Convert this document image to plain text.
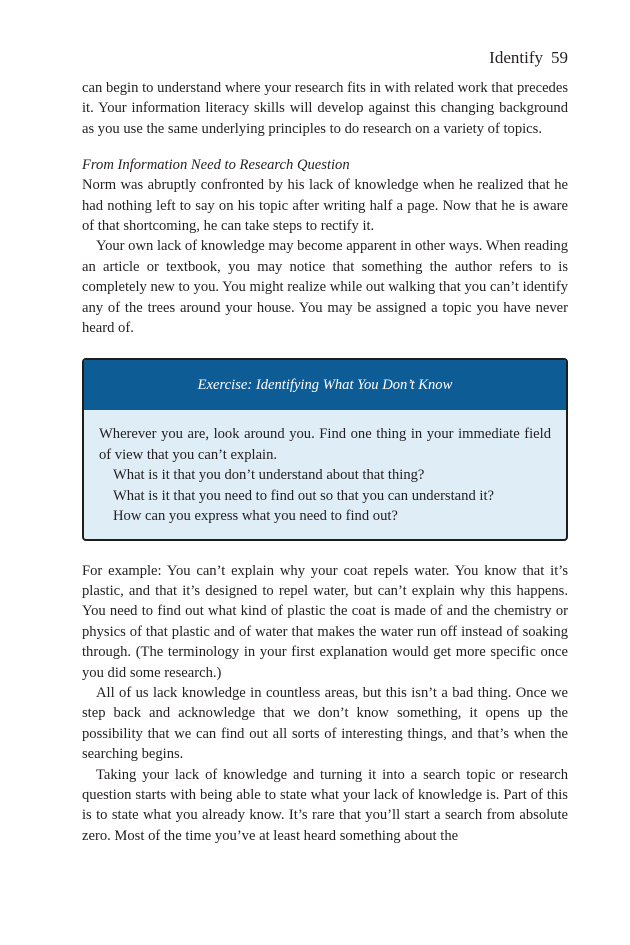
Identify 59

can begin to understand where your research fits in with related work that precedes it. Your information literacy skills will develop against this changing background as you use the same underlying principles to do research on a variety of topics.

From Information Need to Research Question

Norm was abruptly confronted by his lack of knowledge when he realized that he had nothing left to say on his topic after writing half a page. Now that he is aware of that shortcoming, he can take steps to rectify it.

Your own lack of knowledge may become apparent in other ways. When reading an article or textbook, you may notice that something the author refers to is completely new to you. You might realize while out walking that you can’t identify any of the trees around your house. You may be assigned a topic you have never heard of.

Exercise: Identifying What You Don’t Know

Wherever you are, look around you. Find one thing in your immediate field of view that you can’t explain.

What is it that you don’t understand about that thing?

What is it that you need to find out so that you can understand it?

How can you express what you need to find out?

For example: You can’t explain why your coat repels water. You know that it’s plastic, and that it’s designed to repel water, but can’t explain why this happens. You need to find out what kind of plastic the coat is made of and the chemistry or physics of that plastic and of water that makes the water run off instead of soaking through. (The terminology in your first explanation would get more specific once you did some research.)

All of us lack knowledge in countless areas, but this isn’t a bad thing. Once we step back and acknowledge that we don’t know something, it opens up the possibility that we can find out all sorts of interesting things, and that’s when the searching begins.

Taking your lack of knowledge and turning it into a search topic or research question starts with being able to state what your lack of knowledge is. Part of this is to state what you already know. It’s rare that you’ll start a search from absolute zero. Most of the time you’ve at least heard something about the
